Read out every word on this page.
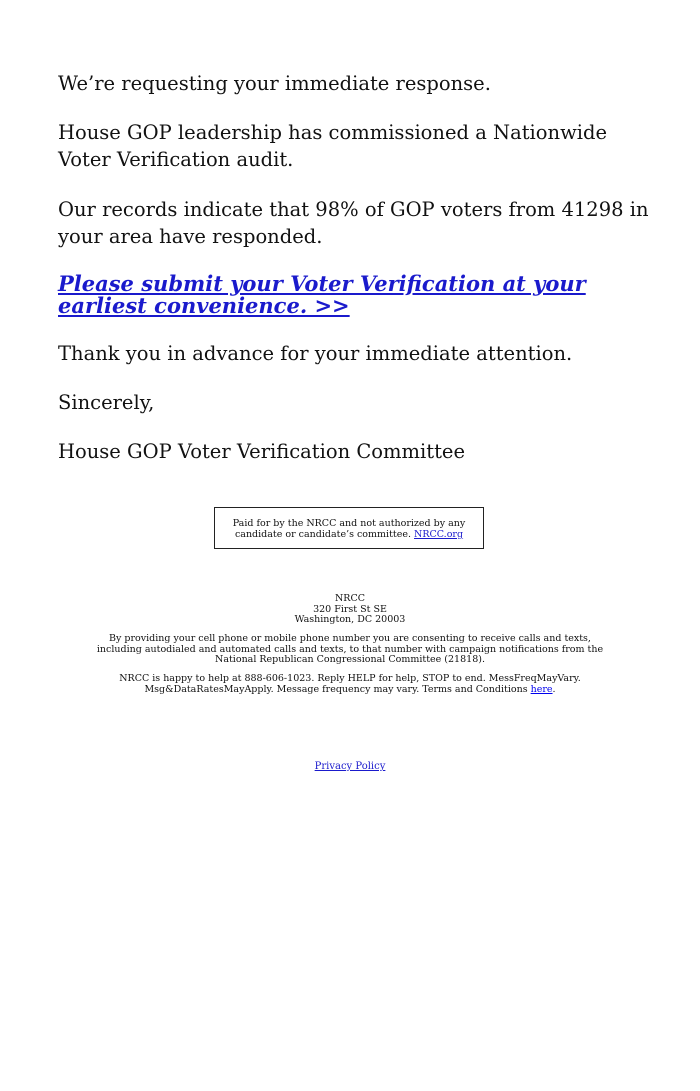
We’re requesting your immediate response.

House GOP leadership has commissioned a Nationwide Voter Verification audit.

Our records indicate that 98% of GOP voters from 41298 in your area have responded.

Please submit your Voter Verification at your earliest convenience. >>

Thank you in advance for your immediate attention.

Sincerely,

House GOP Voter Verification Committee

Paid for by the NRCC and not authorized by any candidate or candidate’s committee. NRCC.org
NRCC
320 First St SE
Washington, DC 20003
By providing your cell phone or mobile phone number you are consenting to receive calls and texts, including autodialed and automated calls and texts, to that number with campaign notifications from the National Republican Congressional Committee (21818).
NRCC is happy to help at 888-606-1023. Reply HELP for help, STOP to end. MessFreqMayVary. Msg&DataRatesMayApply. Message frequency may vary. Terms and Conditions here.
Privacy Policy
